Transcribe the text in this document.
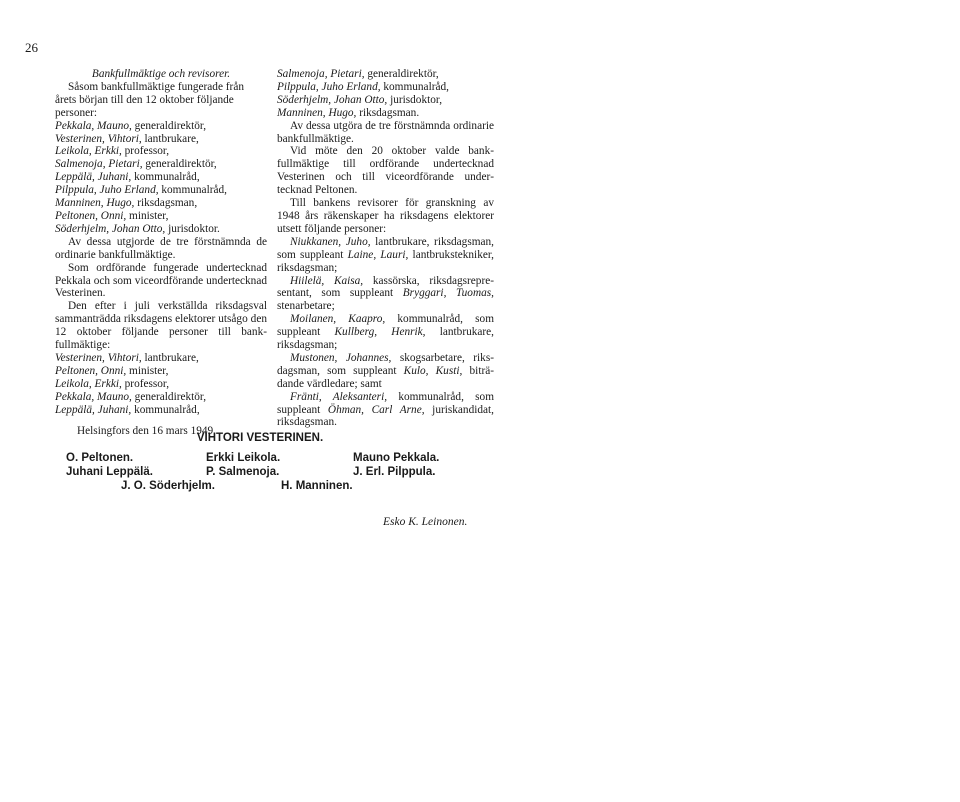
26

Bankfullmäktige och revisorer.

Såsom bankfullmäktige fungerade från

årets början till den 12 oktober följande

personer:

Pekkala, Mauno, generaldirektör,

Vesterinen, Vihtori, lantbrukare,

Leikola, Erkki, professor,

Salmenoja, Pietari, generaldirektör,

Leppälä, Juhani, kommunalråd,

Pilppula, Juho Erland, kommunalråd,

Manninen, Hugo, riksdagsman,

Peltonen, Onni, minister,

Söderhjelm, Johan Otto, jurisdoktor.

Av dessa utgjorde de tre förstnämnda de ordinarie bankfullmäktige.

Som ordförande fungerade undertecknad Pekkala och som viceordförande undertecknad Vesterinen.

Den efter i juli verkställda riksdagsval sammanträdda riksdagens elektorer utsågo den 12 oktober följande personer till bankfullmäktige:

Vesterinen, Vihtori, lantbrukare,

Peltonen, Onni, minister,

Leikola, Erkki, professor,

Pekkala, Mauno, generaldirektör,

Leppälä, Juhani, kommunalråd,

Helsingfors den 16 mars 1949.

Salmenoja, Pietari, generaldirektör,

Pilppula, Juho Erland, kommunalråd,

Söderhjelm, Johan Otto, jurisdoktor,

Manninen, Hugo, riksdagsman.

Av dessa utgöra de tre förstnämnda ordinarie bankfullmäktige.

Vid möte den 20 oktober valde bankfullmäktige till ordförande undertecknad Vesterinen och till viceordförande undertecknad Peltonen.

Till bankens revisorer för granskning av 1948 års räkenskaper ha riksdagens elektorer utsett följande personer:

Niukkanen, Juho, lantbrukare, riksdagsman, som suppleant Laine, Lauri, lantbrukstekniker, riksdagsman;

Hiilelä, Kaisa, kassörska, riksdagsrepresentant, som suppleant Bryggari, Tuomas, stenarbetare;

Moilanen, Kaapro, kommunalråd, som suppleant Kullberg, Henrik, lantbrukare, riksdagsman;

Mustonen, Johannes, skogsarbetare, riksdagsman, som suppleant Kulo, Kusti, biträdande värdledare; samt

Fränti, Aleksanteri, kommunalråd, som suppleant Öhman, Carl Arne, juriskandidat, riksdagsman.

VIHTORI VESTERINEN.
O. Peltonen.	Erkki Leikola.	Mauno Pekkala.
Juhani Leppälä.	P. Salmenoja.	J. Erl. Pilppula.
J. O. Söderhjelm.	H. Manninen.
Esko K. Leinonen.
